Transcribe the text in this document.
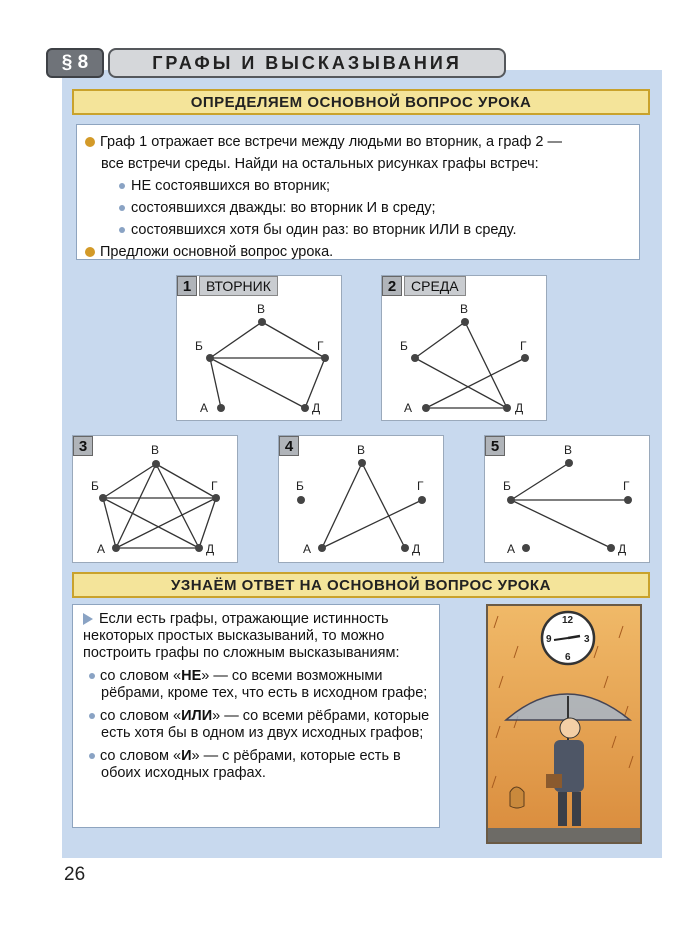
§ 8	ГРАФЫ И ВЫСКАЗЫВАНИЯ
ОПРЕДЕЛЯЕМ ОСНОВНОЙ ВОПРОС УРОКА
Граф 1 отражает все встречи между людьми во вторник, а граф 2 —
все встречи среды. Найди на остальных рисунках графы встреч:
НЕ состоявшихся во вторник;
состоявшихся дважды: во вторник И в среду;
состоявшихся хотя бы один раз: во вторник ИЛИ в среду.
Предложи основной вопрос урока.
А
Б
В
Г
Д
1	ВТОРНИК
А
Б
В
Г
Д
2	СРЕДА
А
Б
В
Г
Д
3
А
Б
В
Г
Д
4
А
Б
В
Г
Д
5
УЗНАЁМ ОТВЕТ НА ОСНОВНОЙ ВОПРОС УРОКА

Если есть графы, отражающие истинность некоторых простых высказываний, то можно построить графы по сложным высказываниям:

со словом «НЕ» — со всеми возможными рёбрами, кроме тех, что есть в исходном графе;

со словом «ИЛИ» — со всеми рёбрами, которые есть хотя бы в одном из двух исходных графов;

со словом «И» — с рёбрами, которые есть в обоих исходных графах.

12
3
6
9
26
